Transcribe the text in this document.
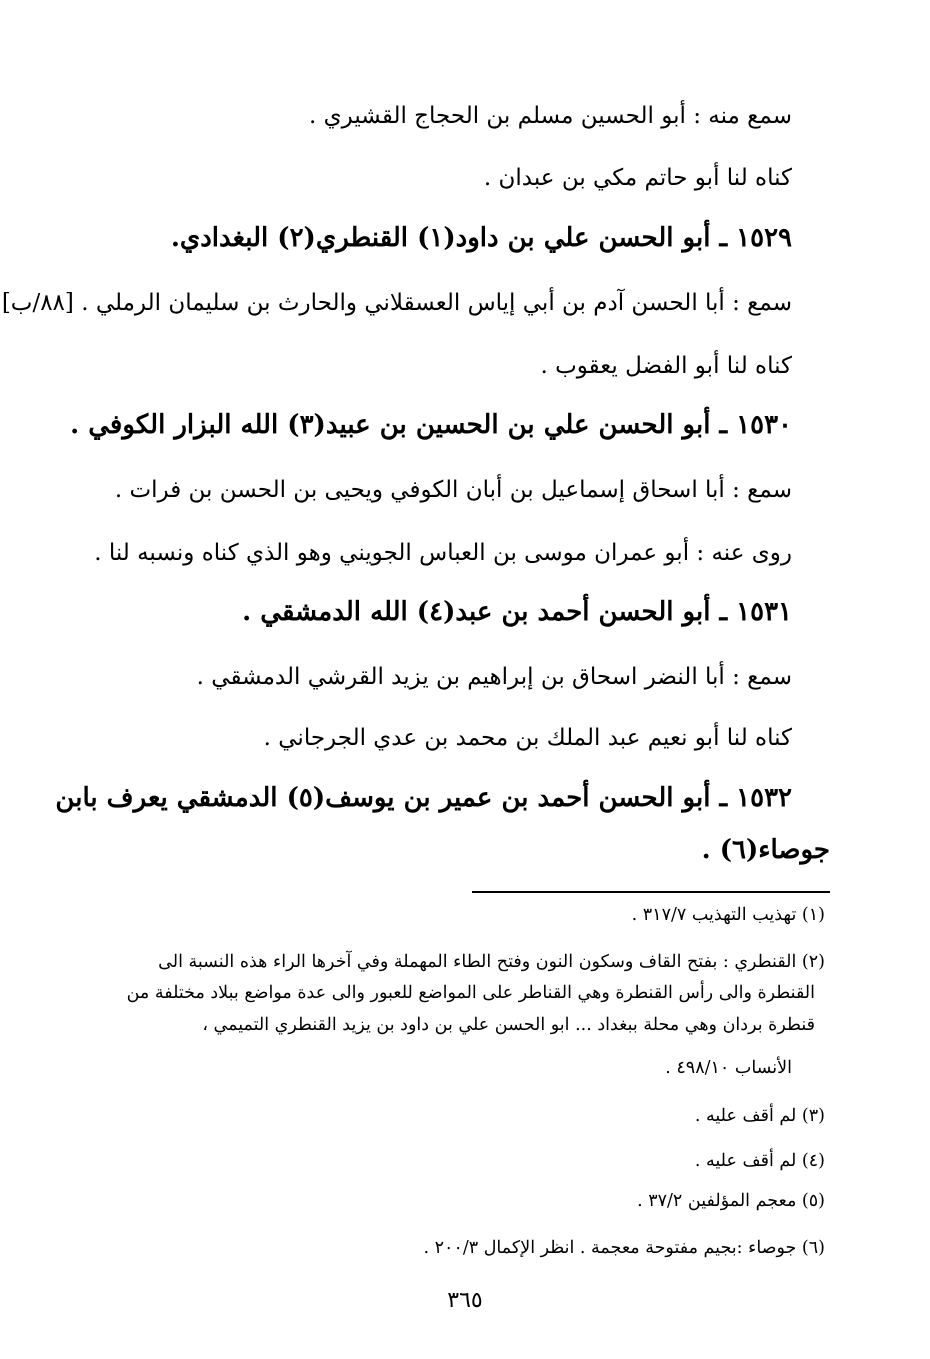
سمع منه : أبو الحسين مسلم بن الحجاج القشيري .
كناه لنا أبو حاتم مكي بن عبدان .
١٥٢٩ ـ أبو الحسن علي بن داود(١) القنطري(٢) البغدادي.
سمع : أبا الحسن آدم بن أبي إياس العسقلاني والحارث بن سليمان الرملي . [٨٨/ب]
كناه لنا أبو الفضل يعقوب .
١٥٣٠ ـ أبو الحسن علي بن الحسين بن عبيد(٣) الله البزار الكوفي .
سمع : أبا اسحاق إسماعيل بن أبان الكوفي ويحيى بن الحسن بن فرات .
روى عنه : أبو عمران موسى بن العباس الجويني وهو الذي كناه ونسبه لنا .
١٥٣١ ـ أبو الحسن أحمد بن عبد(٤) الله الدمشقي .
سمع : أبا النضر اسحاق بن إبراهيم بن يزيد القرشي الدمشقي .
كناه لنا أبو نعيم عبد الملك بن محمد بن عدي الجرجاني .
١٥٣٢ ـ أبو الحسن أحمد بن عمير بن يوسف(٥) الدمشقي يعرف بابن
جوصاء(٦) .
(١) تهذيب التهذيب ٣١٧/٧ .
(٢) القنطري : بفتح القاف وسكون النون وفتح الطاء المهملة وفي آخرها الراء هذه النسبة الى
القنطرة والى رأس القنطرة وهي القناطر على المواضع للعبور والى عدة مواضع ببلاد مختلفة من
قنطرة بردان وهي محلة ببغداد ... ابو الحسن علي بن داود بن يزيد القنطري التميمي ،
الأنساب ٤٩٨/١٠ .
(٣) لم أقف عليه .
(٤) لم أقف عليه .
(٥) معجم المؤلفين ٣٧/٢ .
(٦) جوصاء :بجيم مفتوحة معجمة . انظر الإكمال ٢٠٠/٣ .
٣٦٥
